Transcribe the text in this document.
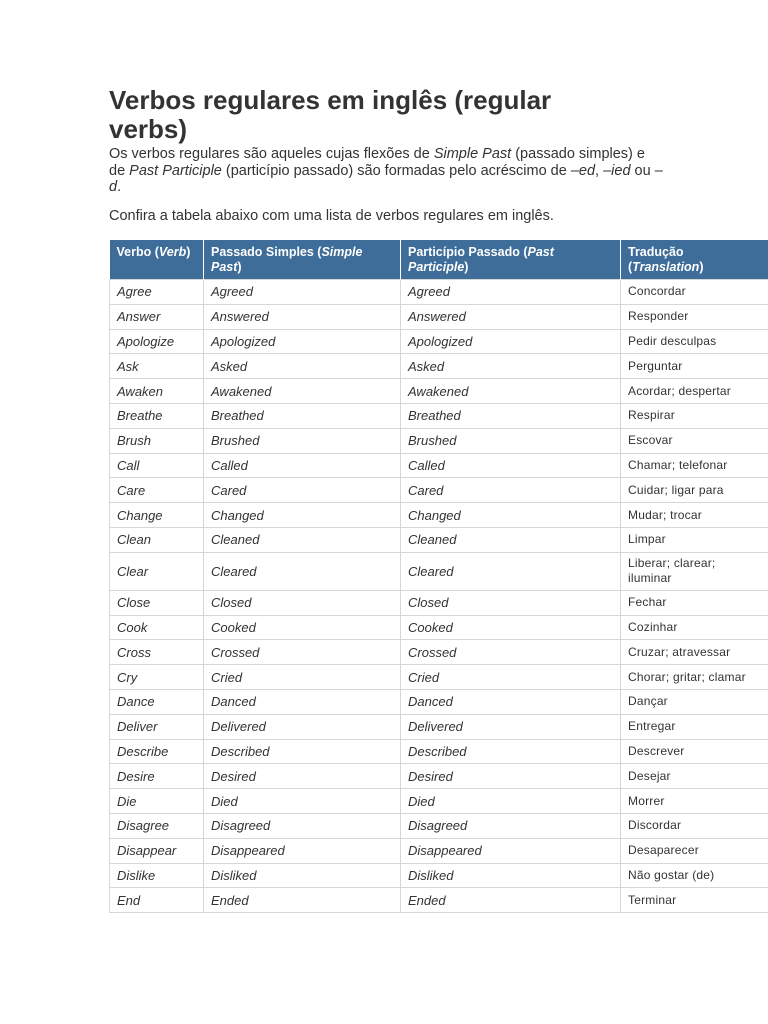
Verbos regulares em inglês (regular verbs)

Os verbos regulares são aqueles cujas flexões de Simple Past (passado simples) e de Past Participle (particípio passado) são formadas pelo acréscimo de –ed, –ied ou –d.

Confira a tabela abaixo com uma lista de verbos regulares em inglês.

Verbo (Verb)	Passado Simples (Simple Past)	Particípio Passado (Past Participle)	Tradução (Translation)
Agree	Agreed	Agreed	Concordar
Answer	Answered	Answered	Responder
Apologize	Apologized	Apologized	Pedir desculpas
Ask	Asked	Asked	Perguntar
Awaken	Awakened	Awakened	Acordar; despertar
Breathe	Breathed	Breathed	Respirar
Brush	Brushed	Brushed	Escovar
Call	Called	Called	Chamar; telefonar
Care	Cared	Cared	Cuidar; ligar para
Change	Changed	Changed	Mudar; trocar
Clean	Cleaned	Cleaned	Limpar
Clear	Cleared	Cleared	Liberar; clarear; iluminar
Close	Closed	Closed	Fechar
Cook	Cooked	Cooked	Cozinhar
Cross	Crossed	Crossed	Cruzar; atravessar
Cry	Cried	Cried	Chorar; gritar; clamar
Dance	Danced	Danced	Dançar
Deliver	Delivered	Delivered	Entregar
Describe	Described	Described	Descrever
Desire	Desired	Desired	Desejar
Die	Died	Died	Morrer
Disagree	Disagreed	Disagreed	Discordar
Disappear	Disappeared	Disappeared	Desaparecer
Dislike	Disliked	Disliked	Não gostar (de)
End	Ended	Ended	Terminar
